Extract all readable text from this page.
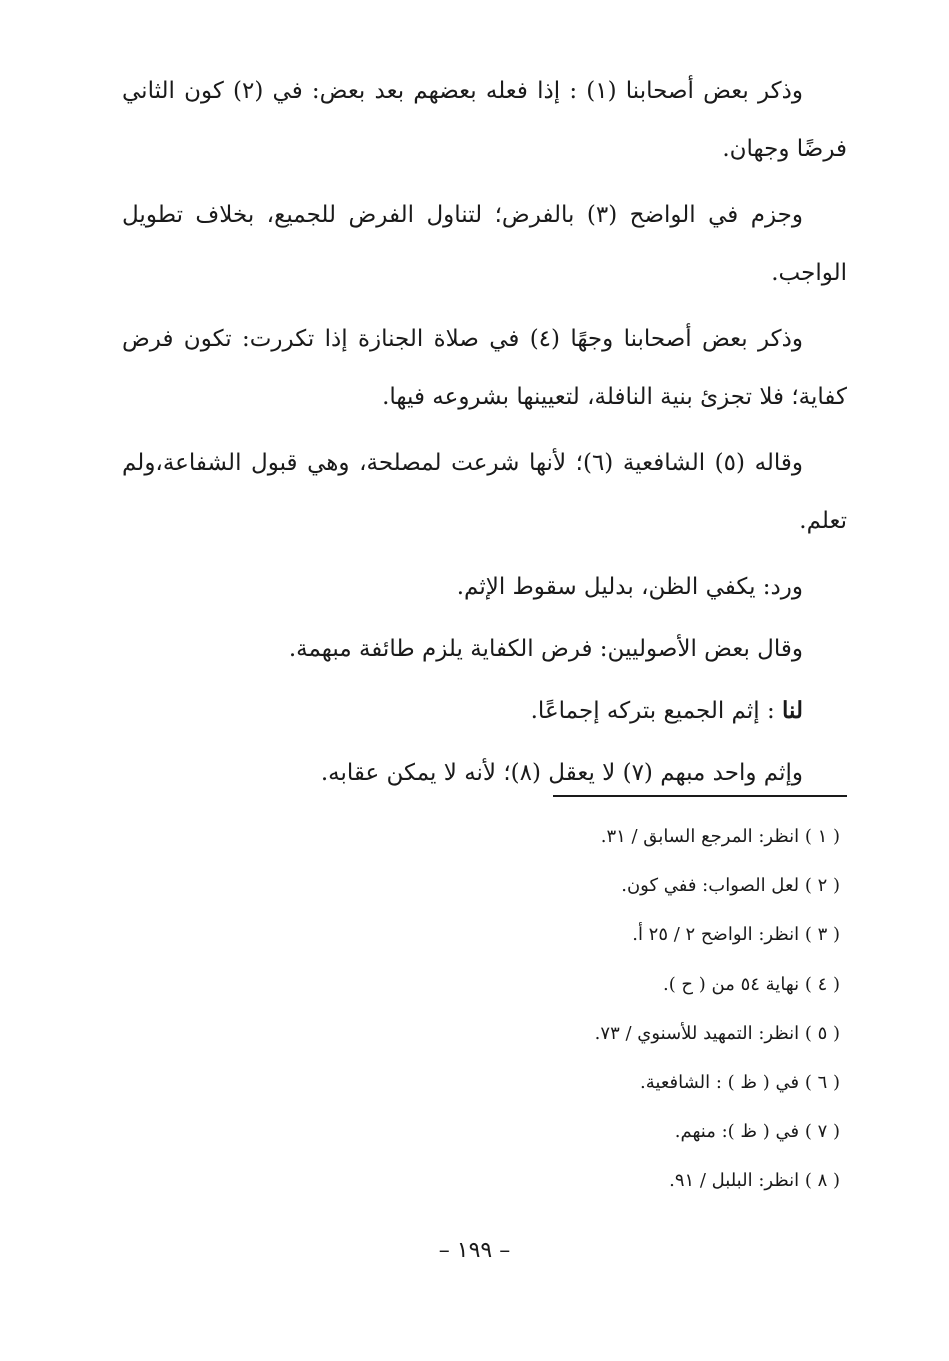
وذكر بعض أصحابنا (١) : إذا فعله بعضهم بعد بعض: في (٢) كون الثاني فرضًا وجهان.

وجزم في الواضح (٣) بالفرض؛ لتناول الفرض للجميع، بخلاف تطويل الواجب.

وذكر بعض أصحابنا وجهًا (٤) في صلاة الجنازة إذا تكررت: تكون فرض كفاية؛ فلا تجزئ بنية النافلة، لتعيينها بشروعه فيها.

وقاله (٥) الشافعية (٦)؛ لأنها شرعت لمصلحة، وهي قبول الشفاعة،ولم تعلم.

ورد: يكفي الظن، بدليل سقوط الإثم.

وقال بعض الأصوليين: فرض الكفاية يلزم طائفة مبهمة.

لنا : إثم الجميع بتركه إجماعًا.

وإثم واحد مبهم (٧) لا يعقل (٨)؛ لأنه لا يمكن عقابه.

( ١ ) انظر: المرجع السابق / ٣١.
( ٢ ) لعل الصواب: ففي كون.
( ٣ ) انظر: الواضح ٢ / ٢٥ أ.
( ٤ ) نهاية ٥٤ من ( ح ).
( ٥ ) انظر: التمهيد للأسنوي / ٧٣.
( ٦ ) في ( ظ ) : الشافعية.
( ٧ ) في ( ظ ): منهم.
( ٨ ) انظر: البلبل / ٩١.
– ١٩٩ –
